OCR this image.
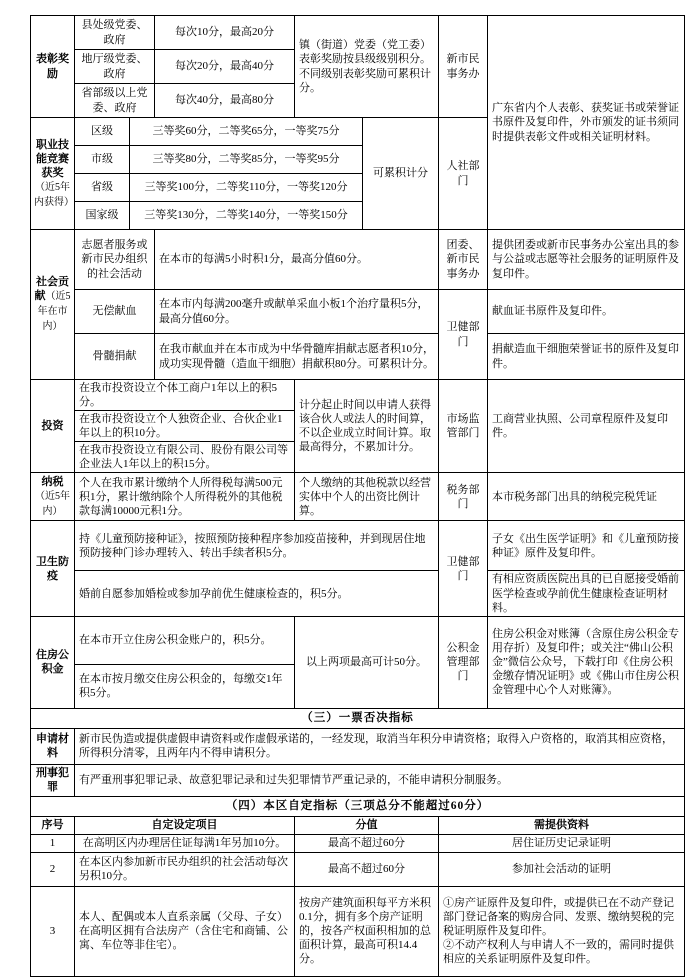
表彰奖励	县处级党委、政府		每次10分，最高20分	镇（街道）党委（党工委）表彰奖励按县级级别积分。不同级别表彰奖励可累积计分。		新市民事务办	广东省内个人表彰、获奖证书或荣誉证书原件及复印件，外市颁发的证书须同时提供表彰文件或相关证明材料。
	地厅级党委、政府		每次20分，最高40分				
	省部级以上党委、政府		每次40分，最高80分				
职业技能竞赛获奖（近5年内获得）	区级	三等奖60分，二等奖65分，一等奖75分			可累积计分	人社部门	
	市级	三等奖80分，二等奖85分，一等奖95分					
	省级	三等奖100分，二等奖110分，一等奖120分					
	国家级	三等奖130分，二等奖140分，一等奖150分					
社会贡献（近5年在市内）	志愿者服务或新市民办组织的社会活动		在本市的每满5小时积1分，最高分值60分。			团委、新市民事务办	提供团委或新市民事务办公室出具的参与公益或志愿等社会服务的证明原件及复印件。
	无偿献血		在本市内每满200毫升或献单采血小板1个治疗量积5分，最高分值60分。			卫健部门	献血证书原件及复印件。
	骨髓捐献		在我市献血并在本市成为中华骨髓库捐献志愿者积10分，成功实现骨髓（造血干细胞）捐献积80分。可累积计分。				捐献造血干细胞荣誉证书的原件及复印件。
投资	在我市投资设立个体工商户1年以上的积5分。			计分起止时间以申请人获得该合伙人或法人的时间算，不以企业成立时间计算。取最高得分，不累加计分。		市场监管部门	工商营业执照、公司章程原件及复印件。
	在我市投资设立个人独资企业、合伙企业1年以上的积10分。						
	在我市投资设立有限公司、股份有限公司等企业法人1年以上的积15分。						
纳税（近5年内）	个人在我市累计缴纳个人所得税每满500元积1分，累计缴纳除个人所得税外的其他税款每满10000元积1分。			个人缴纳的其他税款以经营实体中个人的出资比例计算。		税务部门	本市税务部门出具的纳税完税凭证
卫生防疫	持《儿童预防接种证》，按照预防接种程序参加疫苗接种，并到现居住地预防接种门诊办理转入、转出手续者积5分。					卫健部门	子女《出生医学证明》和《儿童预防接种证》原件及复印件。
	婚前自愿参加婚检或参加孕前优生健康检查的，积5分。						有相应资质医院出具的已自愿接受婚前医学检查或孕前优生健康检查证明材料。
住房公积金	在本市开立住房公积金账户的，积5分。			以上两项最高可计50分。		公积金管理部门	住房公积金对账簿（含原住房公积金专用存折）及复印件；或关注“佛山公积金”微信公众号，下载打印《住房公积金缴存情况证明》或《佛山市住房公积金管理中心个人对账簿》。
	在本市按月缴交住房公积金的，每缴交1年积5分。						
（三）一票否决指标							
申请材料	新市民伪造或提供虚假申请资料或作虚假承诺的，一经发现，取消当年积分申请资格；取得入户资格的，取消其相应资格，所得积分清零，且两年内不得申请积分。						
刑事犯罪	有严重刑事犯罪记录、故意犯罪记录和过失犯罪情节严重记录的，不能申请积分制服务。						
（四）本区自定指标（三项总分不能超过60分）							
序号	自定设定项目			分值		需提供资料	
1	在高明区内办理居住证每满1年另加10分。			最高不超过60分		居住证历史记录证明	
2	在本区内参加新市民办组织的社会活动每次另积10分。			最高不超过60分		参加社会活动的证明	
3	本人、配偶或本人直系亲属（父母、子女）在高明区拥有合法房产（含住宅和商铺、公寓、车位等非住宅）。			按房产建筑面积每平方米积0.1分，拥有多个房产证明的，按各产权面积相加的总面积计算，最高可积14.4分。		①房产证原件及复印件，或提供已在不动产登记部门登记备案的购房合同、发票、缴纳契税的完税证明原件及复印件。
②不动产权利人与申请人不一致的，需同时提供相应的关系证明原件及复印件。	
